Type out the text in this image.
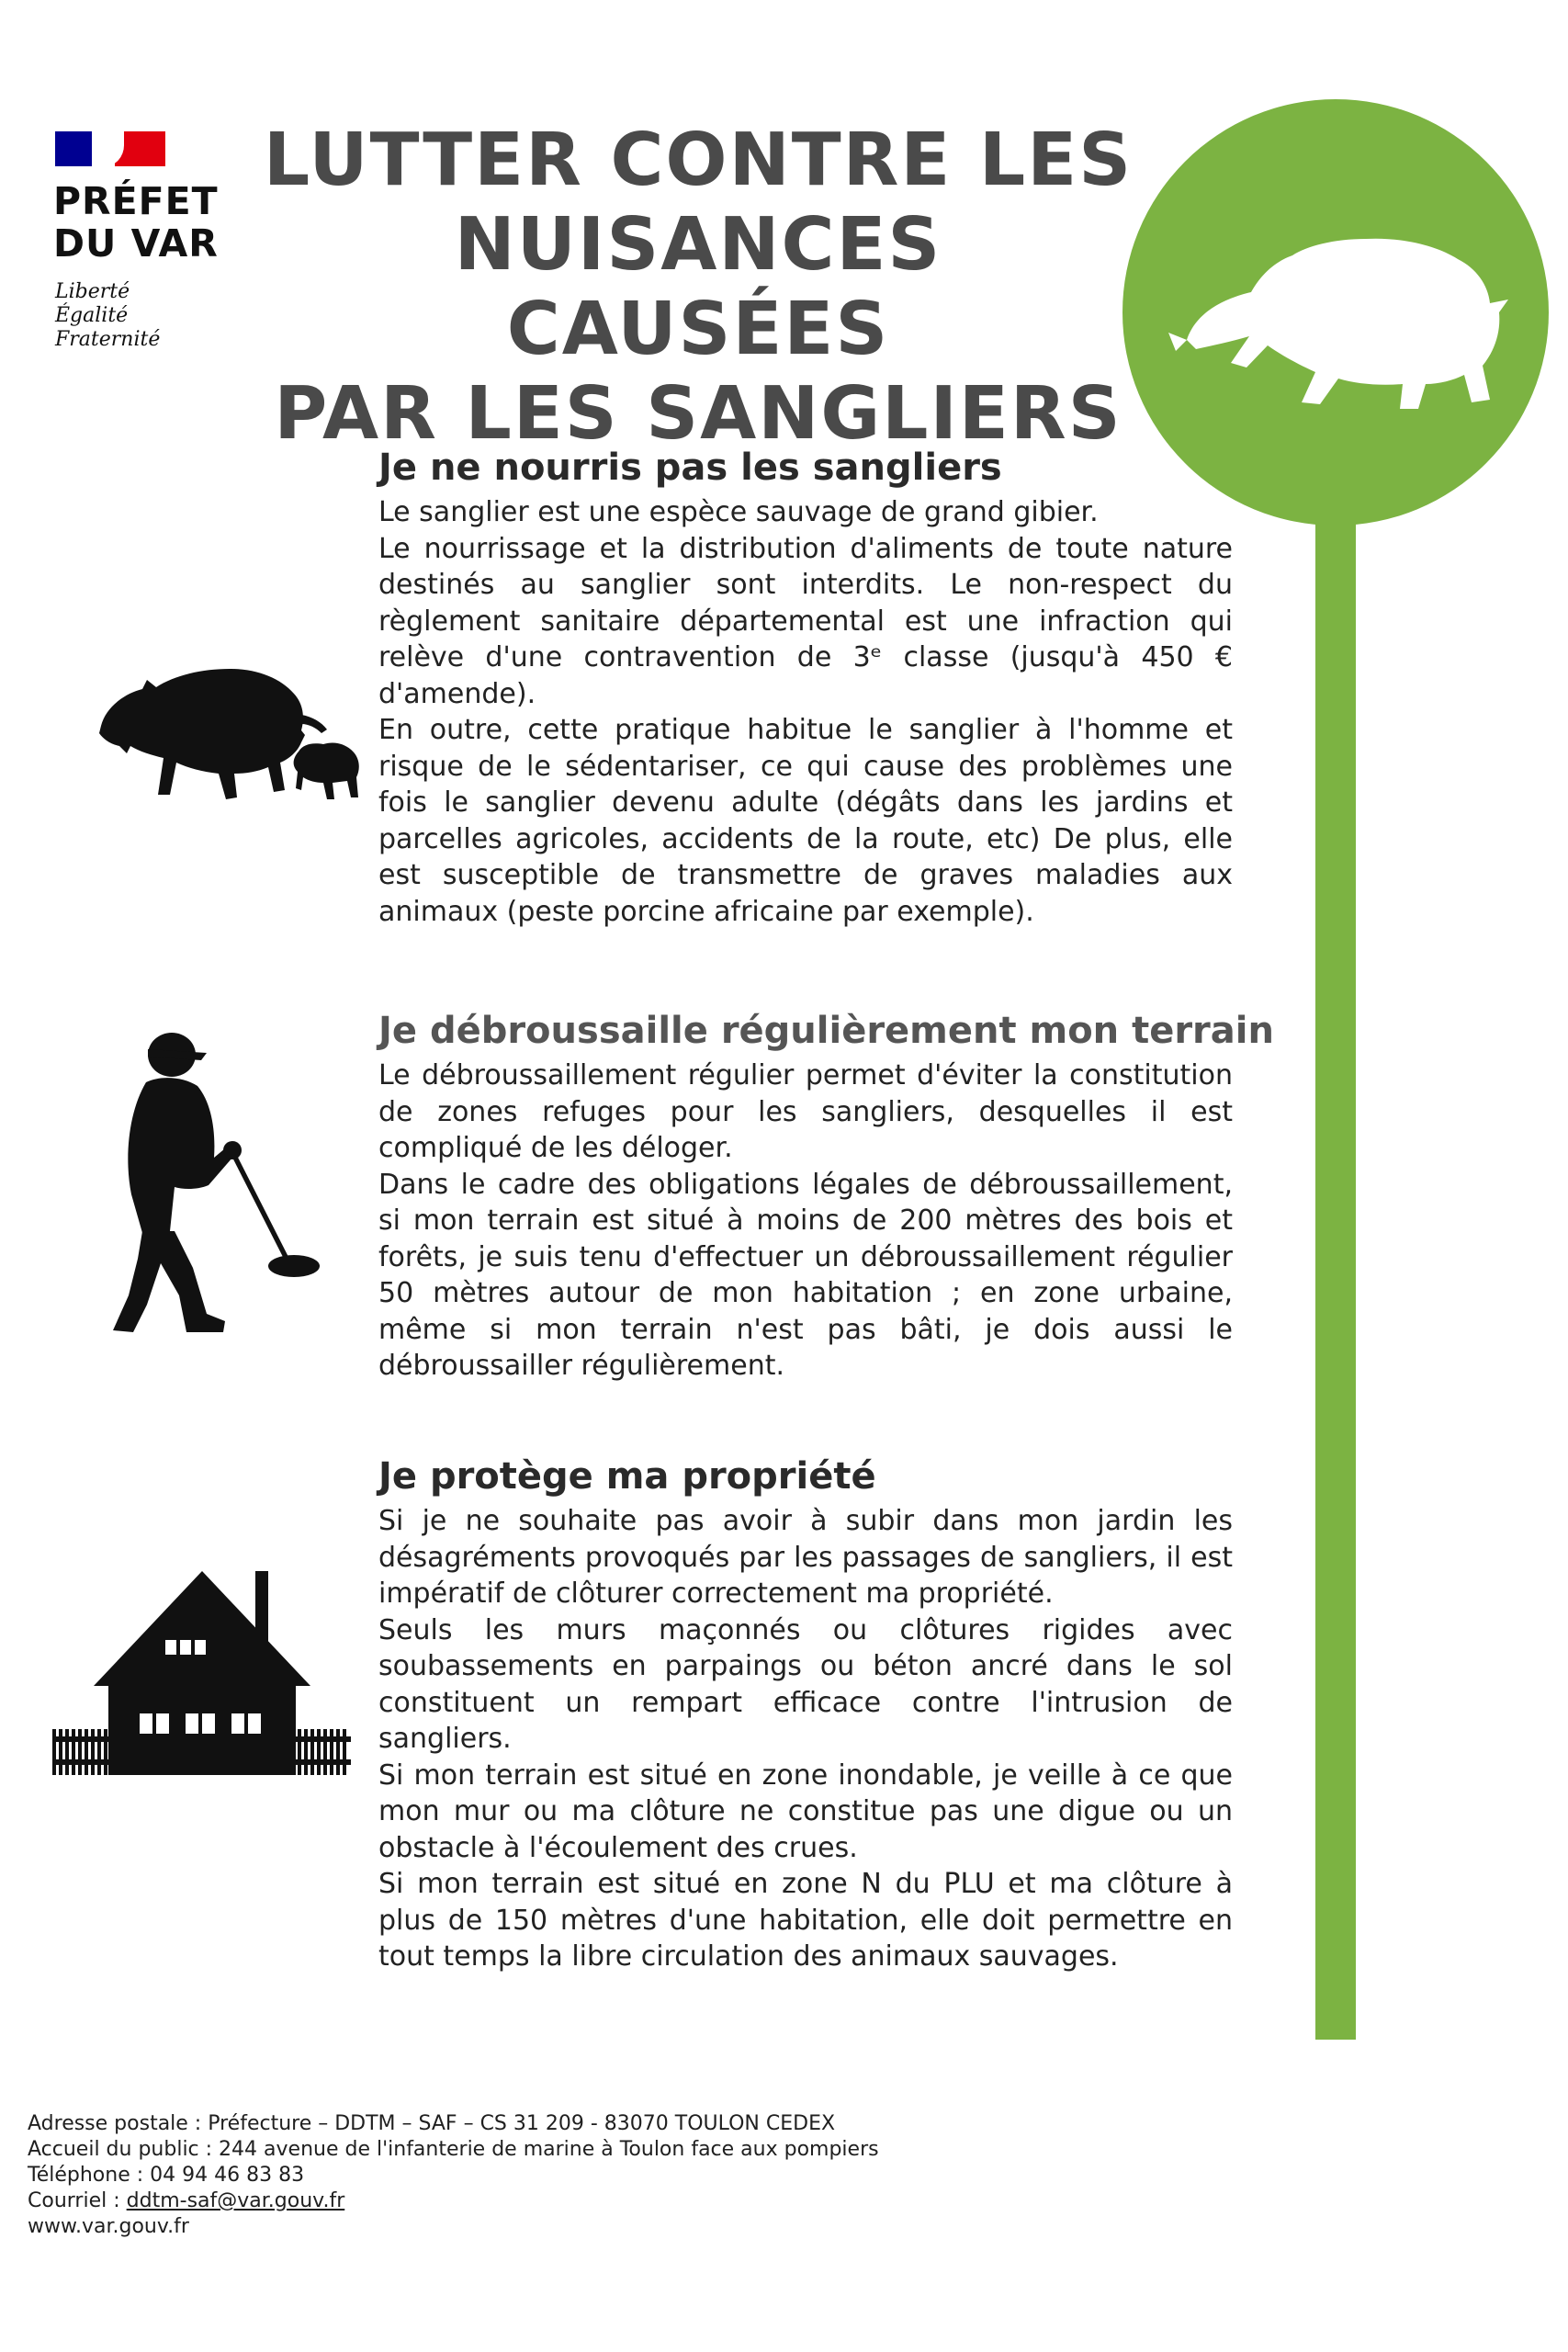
PRÉFET
DU VAR
Liberté
Égalité
Fraternité
LUTTER CONTRE LES
NUISANCES CAUSÉES
PAR LES SANGLIERS
Je ne nourris pas les sangliers

Le sanglier est une espèce sauvage de grand gibier.

Le nourrissage et la distribution d'aliments de toute nature destinés au sanglier sont interdits. Le non-respect du règlement sanitaire départemental est une infraction qui relève d'une contravention de 3ᵉ classe (jusqu'à 450 € d'amende).

En outre, cette pratique habitue le sanglier à l'homme et risque de le sédentariser, ce qui cause des problèmes une fois le sanglier devenu adulte (dégâts dans les jardins et parcelles agricoles, accidents de la route, etc) De plus, elle est susceptible de transmettre de graves maladies aux animaux (peste porcine africaine par exemple).

Je débroussaille régulièrement mon terrain

Le débroussaillement régulier permet d'éviter la constitution de zones refuges pour les sangliers, desquelles il est compliqué de les déloger.

Dans le cadre des obligations légales de débroussaillement, si mon terrain est situé à moins de 200 mètres des bois et forêts, je suis tenu d'effectuer un débroussaillement régulier 50 mètres autour de mon habitation ; en zone urbaine, même si mon terrain n'est pas bâti, je dois aussi le débroussailler régulièrement.

Je protège ma propriété

Si je ne souhaite pas avoir à subir dans mon jardin les désagréments provoqués par les passages de sangliers, il est impératif de clôturer correctement ma propriété.

Seuls les murs maçonnés ou clôtures rigides avec soubassements en parpaings ou béton ancré dans le sol constituent un rempart efficace contre l'intrusion de sangliers.

Si mon terrain est situé en zone inondable, je veille à ce que mon mur ou ma clôture ne constitue pas une digue ou un obstacle à l'écoulement des crues.

Si mon terrain est situé en zone N du PLU et ma clôture à plus de 150 mètres d'une habitation, elle doit permettre en tout temps la libre circulation des animaux sauvages.

Adresse postale : Préfecture – DDTM – SAF – CS 31 209 - 83070 TOULON CEDEX
Accueil du public : 244 avenue de l'infanterie de marine à Toulon face aux pompiers
Téléphone : 04 94 46 83 83
Courriel : ddtm-saf@var.gouv.fr
www.var.gouv.fr
